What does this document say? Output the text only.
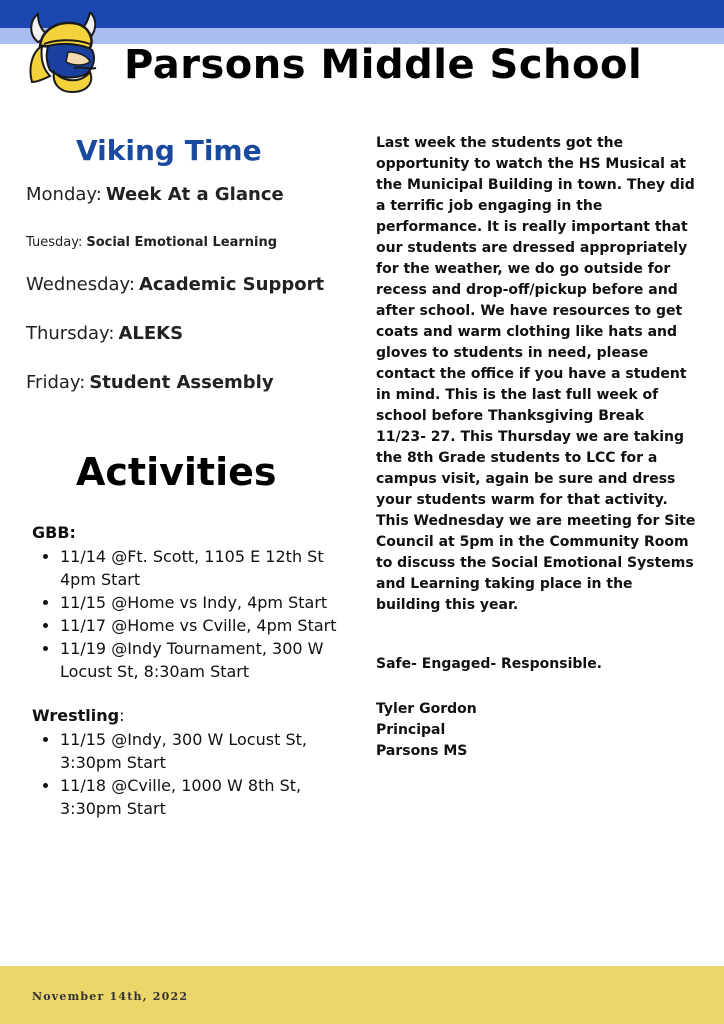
Parsons Middle School
Viking Time

Monday: Week At a Glance

Tuesday: Social Emotional Learning

Wednesday: Academic Support

Thursday: ALEKS

Friday: Student Assembly

Activities

GBB:

• 11/14 @Ft. Scott, 1105 E 12th St 4pm Start
• 11/15 @Home vs Indy, 4pm Start
• 11/17 @Home vs Cville, 4pm Start
• 11/19 @Indy Tournament, 300 W Locust St, 8:30am Start

Wrestling:

• 11/15 @Indy, 300 W Locust St, 3:30pm Start
• 11/18 @Cville, 1000 W 8th St, 3:30pm Start

Last week the students got the opportunity to watch the HS Musical at the Municipal Building in town. They did a terrific job engaging in the performance. It is really important that our students are dressed appropriately for the weather, we do go outside for recess and drop-off/pickup before and after school. We have resources to get coats and warm clothing like hats and gloves to students in need, please contact the office if you have a student in mind. This is the last full week of school before Thanksgiving Break 11/23- 27. This Thursday we are taking the 8th Grade students to LCC for a campus visit, again be sure and dress your students warm for that activity. This Wednesday we are meeting for Site Council at 5pm in the Community Room to discuss the Social Emotional Systems and Learning taking place in the building this year.

Safe- Engaged- Responsible.

Tyler Gordon
Principal
Parsons MS

November 14th, 2022
